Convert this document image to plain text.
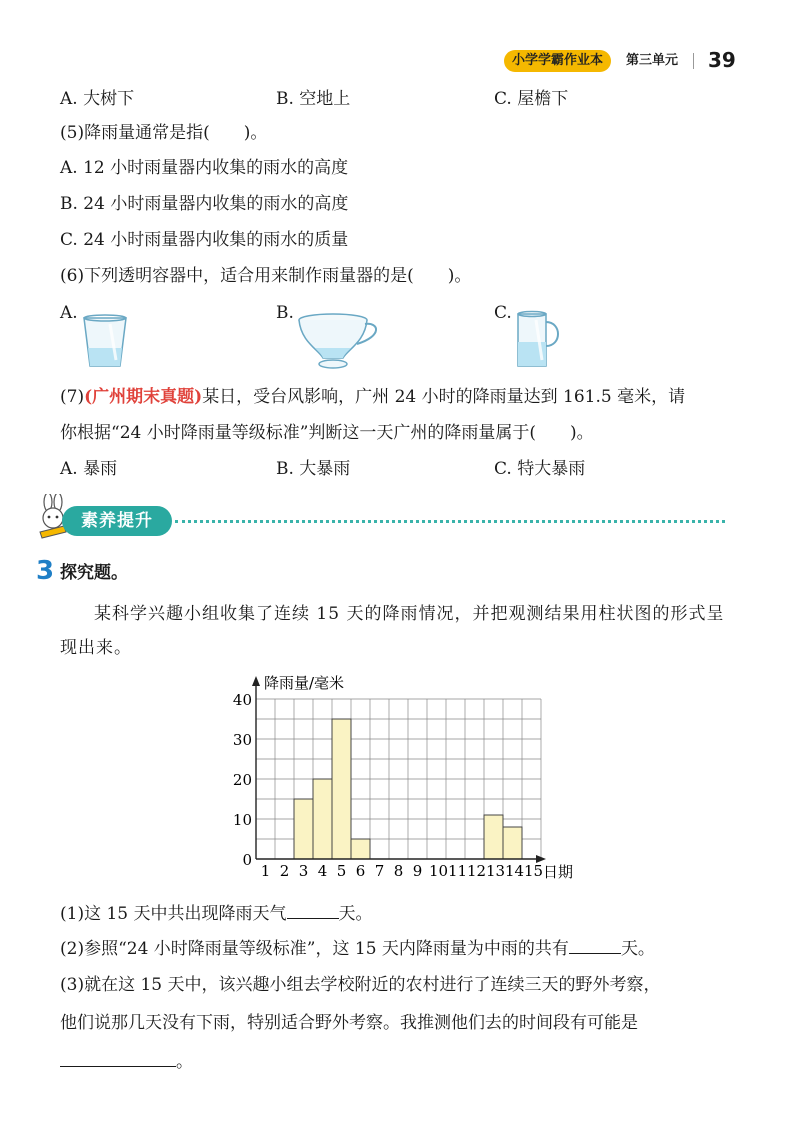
小学学霸作业本	第三单元 39
A. 大树下	B. 空地上	C. 屋檐下
(5)降雨量通常是指(　　)。
A. 12 小时雨量器内收集的雨水的高度
B. 24 小时雨量器内收集的雨水的高度
C. 24 小时雨量器内收集的雨水的质量
(6)下列透明容器中，适合用来制作雨量器的是(　　)。
A.	B.	C.
(7)(广州期末真题)某日，受台风影响，广州 24 小时的降雨量达到 161.5 毫米，请
你根据“24 小时降雨量等级标准”判断这一天广州的降雨量属于(　　)。
A. 暴雨	B. 大暴雨	C. 特大暴雨
素养提升
3 探究题。
某科学兴趣小组收集了连续 15 天的降雨情况，并把观测结果用柱状图的形式呈现出来。
降雨量/毫米
日期
1 2 3 4 5 6 7 8 9 10 11 12 13 14 15
0
10
20
30
40
(1)这 15 天中共出现降雨天气	天。
(2)参照“24 小时降雨量等级标准”，这 15 天内降雨量为中雨的共有	天。
(3)就在这 15 天中，该兴趣小组去学校附近的农村进行了连续三天的野外考察，
他们说那几天没有下雨，特别适合野外考察。我推测他们去的时间段有可能是
。
